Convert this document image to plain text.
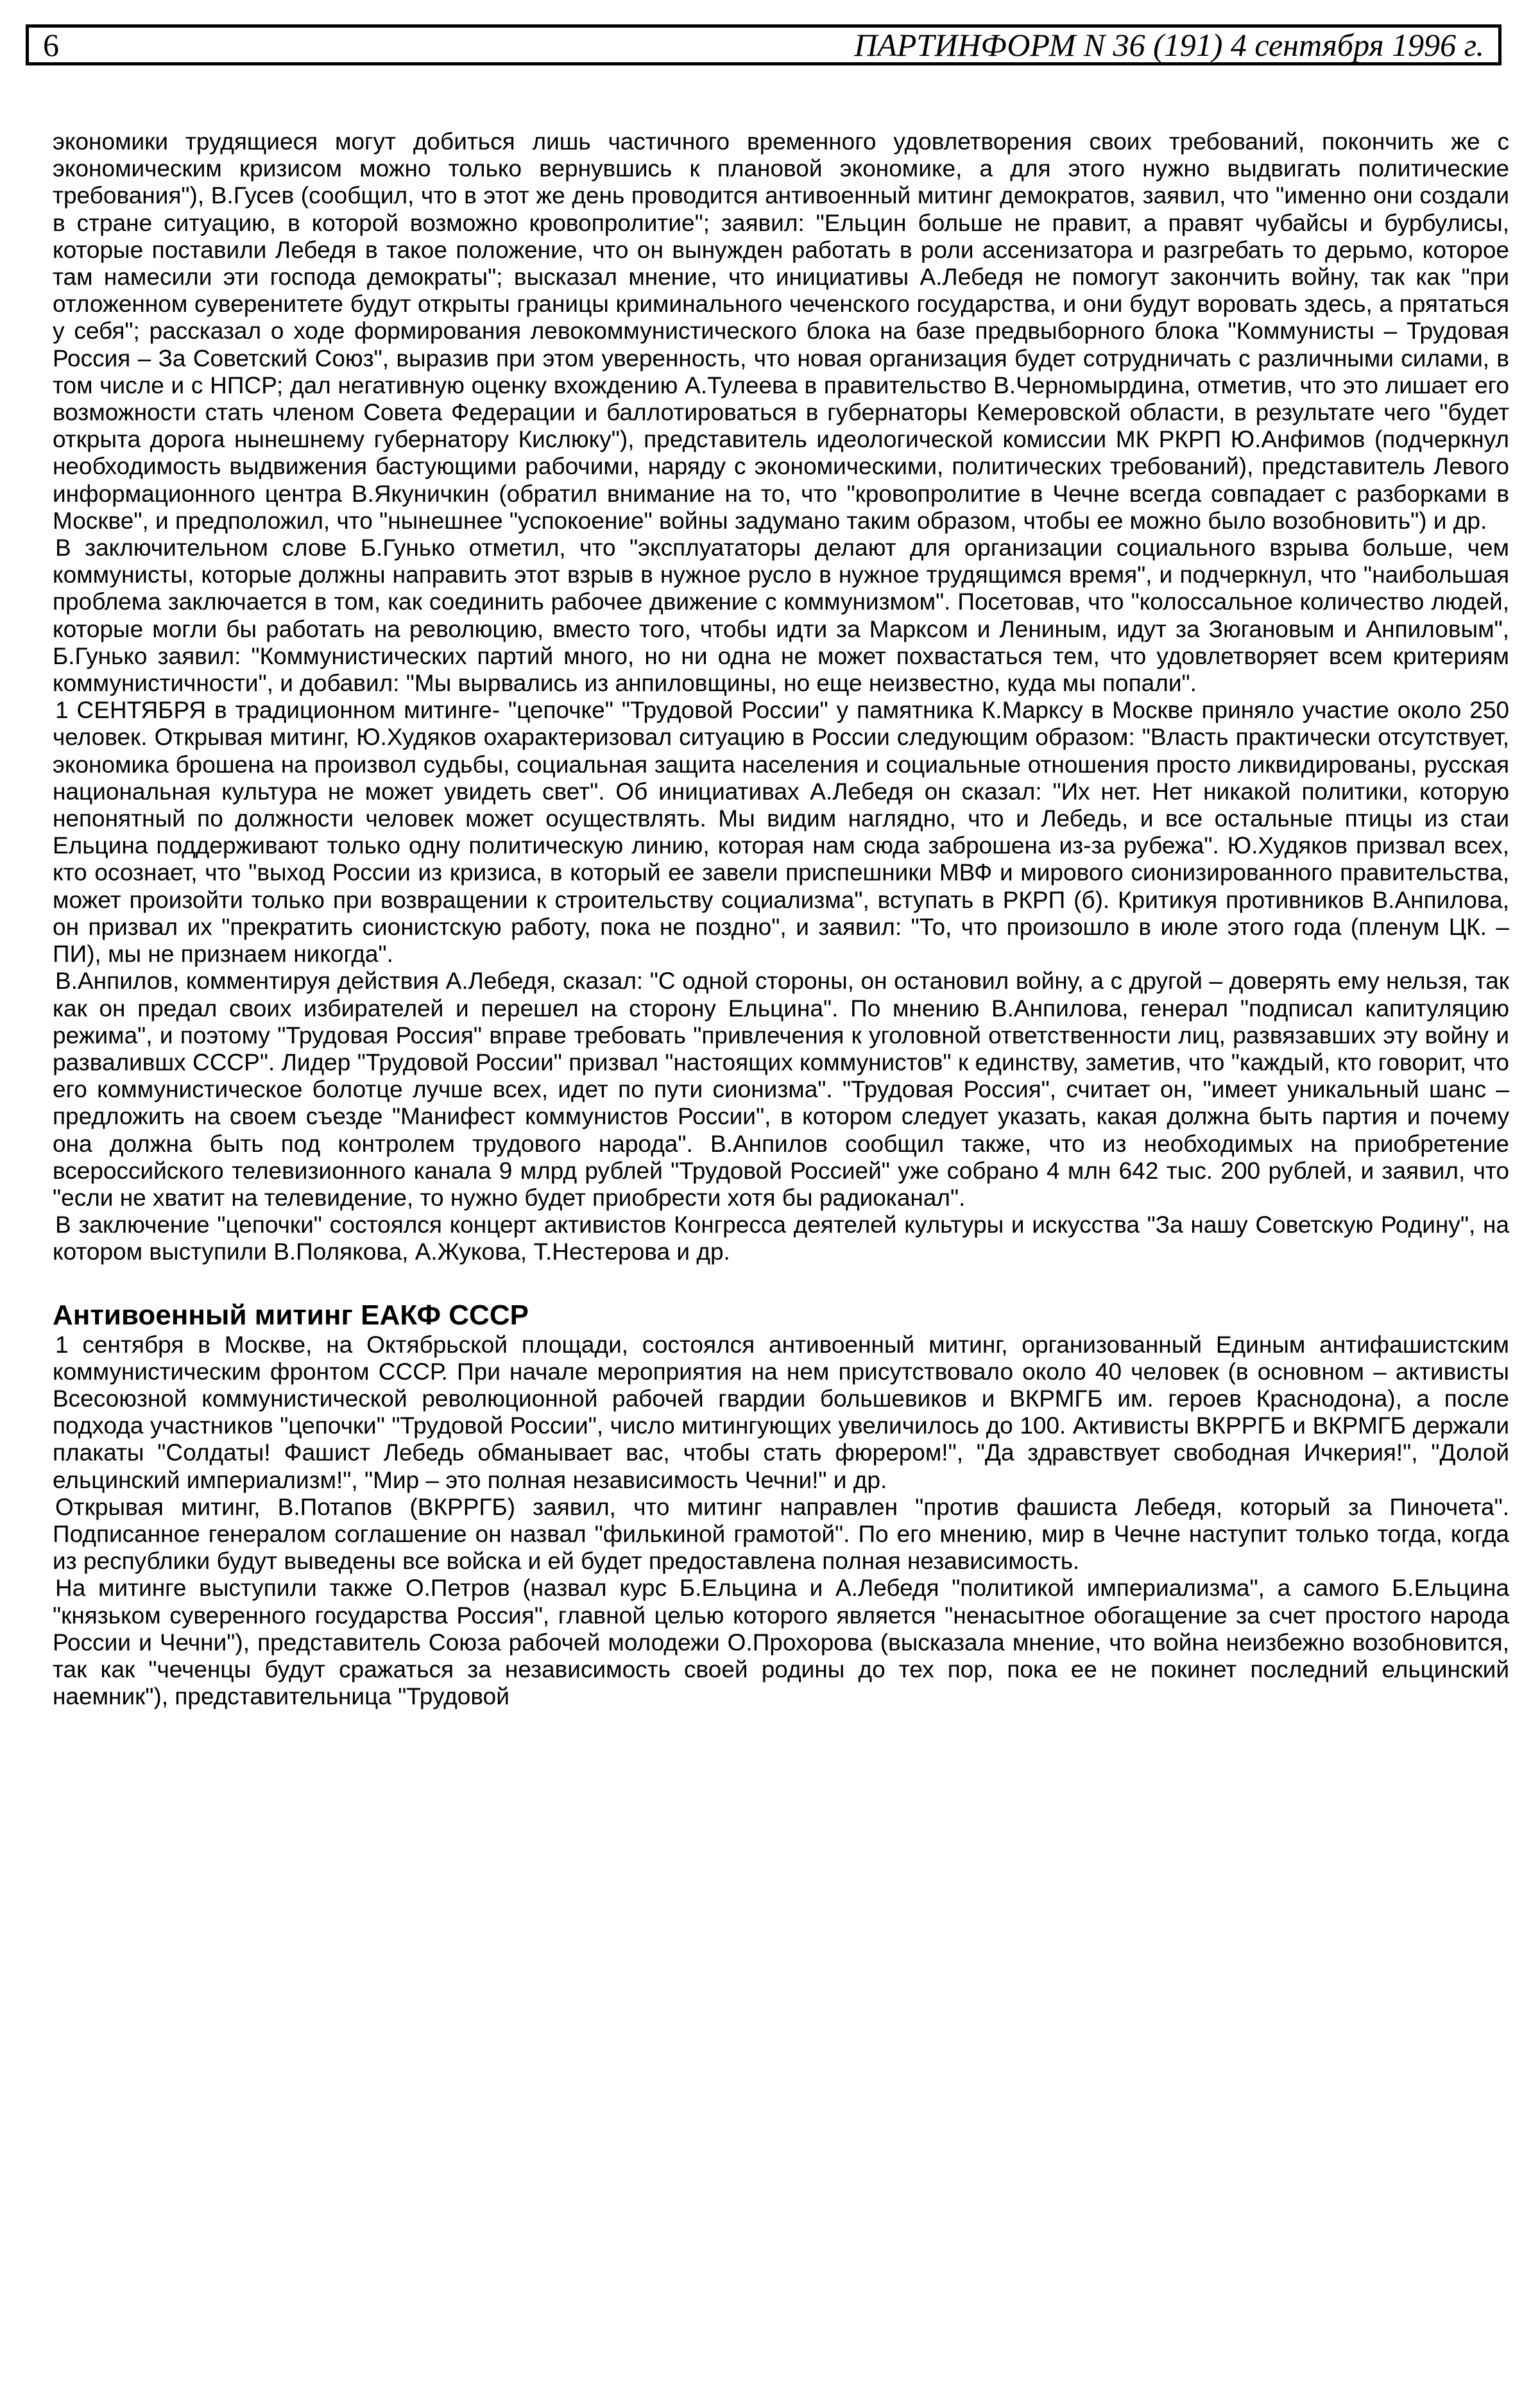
6	ПАРТИНФОРМ N 36 (191) 4 сентября 1996 г.

экономики трудящиеся могут добиться лишь частичного временного удовлетворения своих требований, покончить же с экономическим кризисом можно только вернувшись к плановой экономике, а для этого нужно выдвигать политические требования"), В.Гусев (сообщил, что в этот же день проводится антивоенный митинг демократов, заявил, что "именно они создали в стране ситуацию, в которой возможно кровопролитие"; заявил: "Ельцин больше не правит, а правят чубайсы и бурбулисы, которые поставили Лебедя в такое положение, что он вынужден работать в роли ассенизатора и разгребать то дерьмо, которое там намесили эти господа демократы"; высказал мнение, что инициативы А.Лебедя не помогут закончить войну, так как "при отложенном суверенитете будут открыты границы криминального чеченского государства, и они будут воровать здесь, а прятаться у себя"; рассказал о ходе формирования левокоммунистического блока на базе предвыборного блока "Коммунисты – Трудовая Россия – За Советский Союз", выразив при этом уверенность, что новая организация будет сотрудничать с различными силами, в том числе и с НПСР; дал негативную оценку вхождению А.Тулеева в правительство В.Черномырдина, отметив, что это лишает его возможности стать членом Совета Федерации и баллотироваться в губернаторы Кемеровской области, в результате чего "будет открыта дорога нынешнему губернатору Кислюку"), представитель идеологической комиссии МК РКРП Ю.Анфимов (подчеркнул необходимость выдвижения бастующими рабочими, наряду с экономическими, политических требований), представитель Левого информационного центра В.Якуничкин (обратил внимание на то, что "кровопролитие в Чечне всегда совпадает с разборками в Москве", и предположил, что "нынешнее "успокоение" войны задумано таким образом, чтобы ее можно было возобновить") и др.

В заключительном слове Б.Гунько отметил, что "эксплуататоры делают для организации социального взрыва больше, чем коммунисты, которые должны направить этот взрыв в нужное русло в нужное трудящимся время", и подчеркнул, что "наибольшая проблема заключается в том, как соединить рабочее движение с коммунизмом". Посетовав, что "колоссальное количество людей, которые могли бы работать на революцию, вместо того, чтобы идти за Марксом и Лениным, идут за Зюгановым и Анпиловым", Б.Гунько заявил: "Коммунистических партий много, но ни одна не может похвастаться тем, что удовлетворяет всем критериям коммунистичности", и добавил: "Мы вырвались из анпиловщины, но еще неизвестно, куда мы попали".

1 СЕНТЯБРЯ в традиционном митинге- "цепочке" "Трудовой России" у памятника К.Марксу в Москве приняло участие около 250 человек. Открывая митинг, Ю.Худяков охарактеризовал ситуацию в России следующим образом: "Власть практически отсутствует, экономика брошена на произвол судьбы, социальная защита населения и социальные отношения просто ликвидированы, русская национальная культура не может увидеть свет". Об инициативах А.Лебедя он сказал: "Их нет. Нет никакой политики, которую непонятный по должности человек может осуществлять. Мы видим наглядно, что и Лебедь, и все остальные птицы из стаи Ельцина поддерживают только одну политическую линию, которая нам сюда заброшена из-за рубежа". Ю.Худяков призвал всех, кто осознает, что "выход России из кризиса, в который ее завели приспешники МВФ и мирового сионизированного правительства, может произойти только при возвращении к строительству социализма", вступать в РКРП (б). Критикуя противников В.Анпилова, он призвал их "прекратить сионистскую работу, пока не поздно", и заявил: "То, что произошло в июле этого года (пленум ЦК. – ПИ), мы не признаем никогда".

В.Анпилов, комментируя действия А.Лебедя, сказал: "С одной стороны, он остановил войну, а с другой – доверять ему нельзя, так как он предал своих избирателей и перешел на сторону Ельцина". По мнению В.Анпилова, генерал "подписал капитуляцию режима", и поэтому "Трудовая Россия" вправе требовать "привлечения к уголовной ответственности лиц, развязавших эту войну и развалившх СССР". Лидер "Трудовой России" призвал "настоящих коммунистов" к единству, заметив, что "каждый, кто говорит, что его коммунистическое болотце лучше всех, идет по пути сионизма". "Трудовая Россия", считает он, "имеет уникальный шанс – предложить на своем съезде "Манифест коммунистов России", в котором следует указать, какая должна быть партия и почему она должна быть под контролем трудового народа". В.Анпилов сообщил также, что из необходимых на приобретение всероссийского телевизионного канала 9 млрд рублей "Трудовой Россией" уже собрано 4 млн 642 тыс. 200 рублей, и заявил, что "если не хватит на телевидение, то нужно будет приобрести хотя бы радиоканал".

В заключение "цепочки" состоялся концерт активистов Конгресса деятелей культуры и искусства "За нашу Советскую Родину", на котором выступили В.Полякова, А.Жукова, Т.Нестерова и др.

Антивоенный митинг ЕАКФ СССР

1 сентября в Москве, на Октябрьской площади, состоялся антивоенный митинг, организованный Единым антифашистским коммунистическим фронтом СССР. При начале мероприятия на нем присутствовало около 40 человек (в основном – активисты Всесоюзной коммунистической революционной рабочей гвардии большевиков и ВКРМГБ им. героев Краснодона), а после подхода участников "цепочки" "Трудовой России", число митингующих увеличилось до 100. Активисты ВКРРГБ и ВКРМГБ держали плакаты "Солдаты! Фашист Лебедь обманывает вас, чтобы стать фюрером!", "Да здравствует свободная Ичкерия!", "Долой ельцинский империализм!", "Мир – это полная независимость Чечни!" и др.

Открывая митинг, В.Потапов (ВКРРГБ) заявил, что митинг направлен "против фашиста Лебедя, который за Пиночета". Подписанное генералом соглашение он назвал "филькиной грамотой". По его мнению, мир в Чечне наступит только тогда, когда из республики будут выведены все войска и ей будет предоставлена полная независимость.

На митинге выступили также О.Петров (назвал курс Б.Ельцина и А.Лебедя "политикой империализма", а самого Б.Ельцина "князьком суверенного государства Россия", главной целью которого является "ненасытное обогащение за счет простого народа России и Чечни"), представитель Союза рабочей молодежи О.Прохорова (высказала мнение, что война неизбежно возобновится, так как "чеченцы будут сражаться за независимость своей родины до тех пор, пока ее не покинет последний ельцинский наемник"), представительница "Трудовой
